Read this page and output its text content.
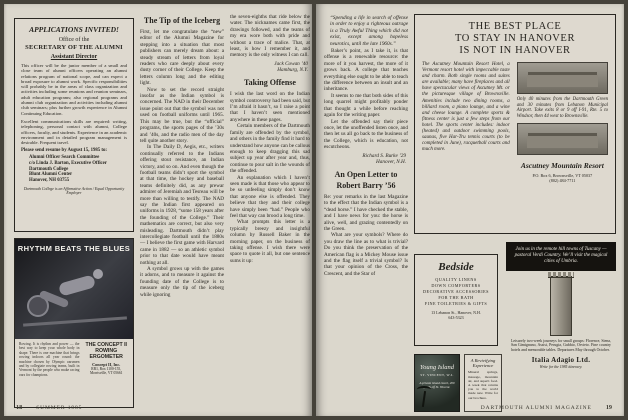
APPLICATIONS INVITED!
Office of the
SECRETARY OF THE ALUMNI
Assistant Director

This officer will be the junior member of a small and close team of alumni officers operating an alumni relations program of national scope, and can expect a broad exposure to alumni work. Specific responsibilities will probably be in the areas of class organization and activities including some reunions and reunion seminars, adult education programs; also regional programs and alumni club organization and activities including alumni club seminars; plus further growth experience in Alumni Continuing Education.

Excellent communications skills are required: writing, telephoning, personal contact with alumni, College officers, faculty, and students. Experience in an academic environment and in detailed program management is desirable. Frequent travel.

Please send resume by August 15, 1985 to:
Alumni Officer Search Committee
c/o Linda J. Barton, Executive Officer
Dartmouth College
Blunt Alumni Center
Hanover, NH 03755
Dartmouth College is an Affirmative Action / Equal Opportunity Employer
RHYTHM BEATS THE BLUES
Rowing. It is rhythm and power — the best way to keep your whole body in shape. There is one machine that brings rowing indoors all year round: the machine chosen by Olympic oarsmen and by collegiate rowing teams, built in Vermont by the people who make racing oars for champions.
THE CONCEPT II ROWING ERGOMETER
Concept II, Inc.
RR1, Box 1100-155, Morrisville, VT 05661
The Tip of the Iceberg

First, let me congratulate the “new” editor of the Alumni Magazine for stepping into a situation that most publishers can merely dream about: a steady stream of letters from loyal readers who care deeply about every dusty corner of their College. Keep the letters column long and the editing light.

Now to set the record straight insofar as the Indian symbol is concerned. The NAD in their December issue point out that the symbol was not used on football uniforms until 1965. This may be true, but the “official” programs, the sports pages of the ’30s and ’40s, and the radio men of the day tell quite another story.

In The Daily D, Aegis, etc., writers continually referred to the Indians offering stout resistance, an Indian victory, and so on. And even though the football teams didn’t sport the symbol at that time, the hockey and baseball teams definitely did, as any prewar admirer of Jeremiah and Tesreau will be more than willing to testify. The NAD say the Indian first appeared on uniforms in 1928, “some 158 years after the founding of the College.” Their mathematics are correct, but also very misleading. Dartmouth didn’t play intercollegiate football until the 1880s — I believe the first game with Harvard came in 1882 — so an athletic symbol prior to that date would have meant nothing at all.

A symbol grows up with the games it adorns, and to measure it against the founding date of the College is to measure only the tip of the iceberg while ignoring

the seven-eighths that ride below the water. The nicknames came first, the drawings followed, and the teams of my era wore both with pride and without a trace of malice. That, at least, is how I remember it, and memory is the only witness I can call.

Jack Cowan ’40
Hamburg, N.Y.
Taking Offense

I wish the last word on the Indian symbol controversy had been said, but I’m afraid it hasn’t, so I raise a point that I haven’t seen mentioned anywhere in these pages.

Certain members of the Dartmouth family are offended by the symbol, and others in the family find it hard to understand how anyone can be callous enough to keep dragging this sad subject up year after year and, thus, continue to pour salt in the wounds of the offended.

An explanation which I haven’t seen made is that those who appear to be so unfeeling simply don’t know that anyone else is offended. They believe that they and their college have simply been “had.” People who feel that way can brood a long time.

What prompts this letter is a typically breezy and insightful column by Russell Baker in the morning paper, on the business of taking offense. I wish there were space to quote it all, but one sentence sums it up:

18	SUMMER 1985

“Spending a life in search of offense in order to enjoy a righteous outrage is a Truly Awful Thing which did not exist, except among hopeless neurotics, until the late 1960s.”

Baker’s point, as I take it, is that offense is a renewable resource: the more of it you harvest, the more of it grows back. A college that teaches everything else ought to be able to teach the difference between an insult and an inheritance.

It seems to me that both sides of this long quarrel might profitably ponder that thought a while before reaching again for the writing paper.

Let the offended say their piece once, let the unoffended listen once, and then let us all go back to the business of the College, which is education, not escutcheons.

Richard S. Burke ’29
Hanover, N.H.
An Open Letter to
Robert Barry ’56

Re: your remarks in the last Magazine to the effect that the Indian symbol is a “dead horse.” I have checked the stable, and I have news for you: the horse is alive, well, and grazing contentedly on the Green.

What are your symbols? Where do you draw the line as to what is trivial? Do you think the preservation of the American flag is a Mickey Mouse issue and the flag itself a trivial symbol? Is that your opinion of the Cross, the Crescent, and the Star of

THE BEST PLACE
TO STAY IN HANOVER
IS NOT IN HANOVER
The Ascutney Mountain Resort Hotel, a Vermont resort hotel with impeccable taste and charm. Both single rooms and suites are available; many have fireplaces and all have spectacular views of Ascutney Mt. or the picturesque village of Brownsville. Amenities include two dining rooms, a billiard room, a piano lounge, and a wine and cheese lounge. A complete sports & fitness center is just a few steps from our hotel. The sports center includes: indoor (heated) and outdoor swimming pools, saunas, five Har-Tru tennis courts (to be completed in June), racquetball courts and much more.
Only 40 minutes from the Dartmouth Green and 30 minutes from Lebanon Municipal Airport. Take exits 8 or 9 off I-91, Rte. 5 to Windsor, then 44 west to Brownsville.
Ascutney Mountain Resort
P.O. Box 6, Brownsville, VT 05037
(802) 484-7711
Bedside
QUALITY LINENS
DOWN COMFORTERS
DECORATIVE ACCESSORIES
FOR THE BATH
FINE TOILETRIES & GIFTS
13 Lebanon St., Hanover, N.H.
643-5323
Young Island
ST. VINCENT, W.I.
A private island resort, 200 yards off St. Vincent.
A Revivifying Experience
Mineral springs, massage, mountain air, and superb food. A week that returns you to the world made new. Write for our brochure.
Join us in the remote hill towns of Tuscany — pastoral Verdi Country. We’ll visit the magical cities of Umbria.
Leisurely two-week journeys for small groups: Florence, Siena, San Gimignano, Assisi, Perugia, Gubbio, Orvieto. Fine country hotels and memorable tables. Departures May through October.
Italia Adagio Ltd.
Write for the 1985 itinerary.
DARTMOUTH ALUMNI MAGAZINE 19
